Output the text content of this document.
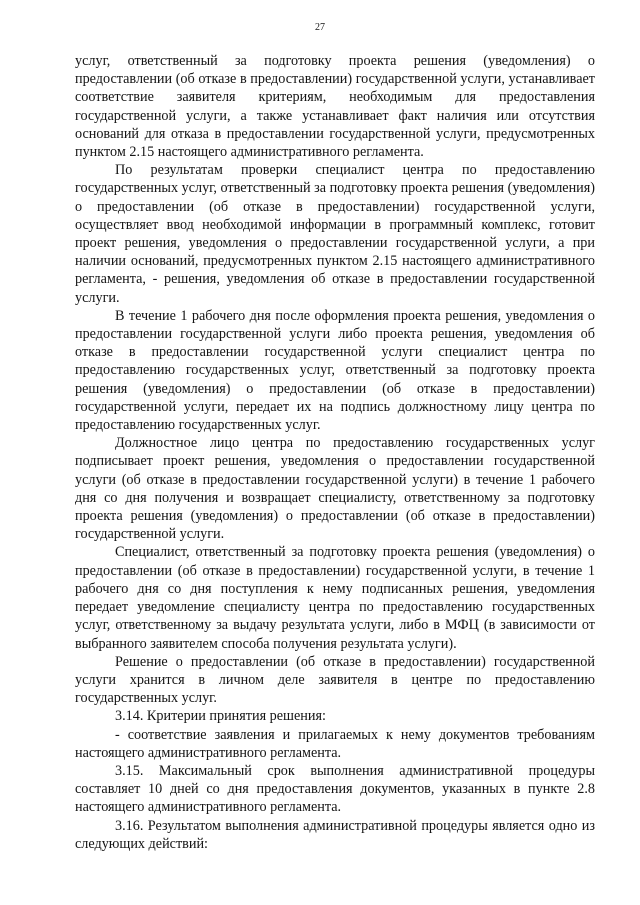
27

услуг, ответственный за подготовку проекта решения (уведомления) о предоставлении (об отказе в предоставлении) государственной услуги, устанавливает соответствие заявителя критериям, необходимым для предоставления государственной услуги, а также устанавливает факт наличия или отсутствия оснований для отказа в предоставлении государственной услуги, предусмотренных пунктом 2.15 настоящего административного регламента.

По результатам проверки специалист центра по предоставлению государственных услуг, ответственный за подготовку проекта решения (уведомления) о предоставлении (об отказе в предоставлении) государственной услуги, осуществляет ввод необходимой информации в программный комплекс, готовит проект решения, уведомления о предоставлении государственной услуги, а при наличии оснований, предусмотренных пунктом 2.15 настоящего административного регламента, - решения, уведомления об отказе в предоставлении государственной услуги.

В течение 1 рабочего дня после оформления проекта решения, уведомления о предоставлении государственной услуги либо проекта решения, уведомления об отказе в предоставлении государственной услуги специалист центра по предоставлению государственных услуг, ответственный за подготовку проекта решения (уведомления) о предоставлении (об отказе в предоставлении) государственной услуги, передает их на подпись должностному лицу центра по предоставлению государственных услуг.

Должностное лицо центра по предоставлению государственных услуг подписывает проект решения, уведомления о предоставлении государственной услуги (об отказе в предоставлении государственной услуги) в течение 1 рабочего дня со дня получения и возвращает специалисту, ответственному за подготовку проекта решения (уведомления) о предоставлении (об отказе в предоставлении) государственной услуги.

Специалист, ответственный за подготовку проекта решения (уведомления) о предоставлении (об отказе в предоставлении) государственной услуги, в течение 1 рабочего дня со дня поступления к нему подписанных решения, уведомления передает уведомление специалисту центра по предоставлению государственных услуг, ответственному за выдачу результата услуги, либо в МФЦ (в зависимости от выбранного заявителем способа получения результата услуги).

Решение о предоставлении (об отказе в предоставлении) государственной услуги хранится в личном деле заявителя в центре по предоставлению государственных услуг.

3.14. Критерии принятия решения:

- соответствие заявления и прилагаемых к нему документов требованиям настоящего административного регламента.

3.15. Максимальный срок выполнения административной процедуры составляет 10 дней со дня предоставления документов, указанных в пункте 2.8 настоящего административного регламента.

3.16. Результатом выполнения административной процедуры является одно из следующих действий:
